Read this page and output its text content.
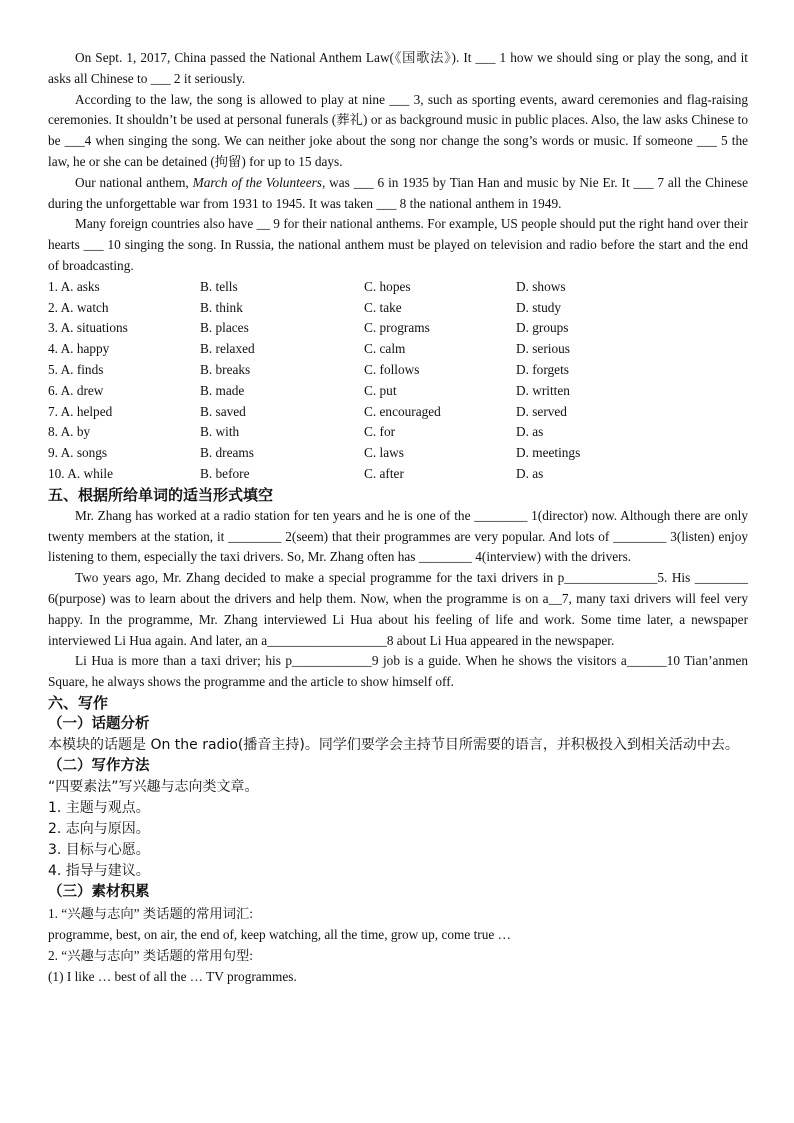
On Sept. 1, 2017, China passed the National Anthem Law(《国歌法》). It ___ 1 how we should sing or play the song, and it asks all Chinese to ___ 2 it seriously.

According to the law, the song is allowed to play at nine ___ 3, such as sporting events, award ceremonies and flag-raising ceremonies. It shouldn’t be used at personal funerals (葬礼) or as background music in public places. Also, the law asks Chinese to be ___4 when singing the song. We can neither joke about the song nor change the song’s words or music. If someone ___ 5 the law, he or she can be detained (拘留) for up to 15 days.

Our national anthem, March of the Volunteers, was ___ 6 in 1935 by Tian Han and music by Nie Er. It ___ 7 all the Chinese during the unforgettable war from 1931 to 1945. It was taken ___ 8 the national anthem in 1949.

Many foreign countries also have __ 9 for their national anthems. For example, US people should put the right hand over their hearts ___ 10 singing the song. In Russia, the national anthem must be played on television and radio before the start and the end of broadcasting.

1. A. asks	B. tells	C. hopes	D. shows
2. A. watch	B. think	C. take	D. study
3. A. situations	B. places	C. programs	D. groups
4. A. happy	B. relaxed	C. calm	D. serious
5. A. finds	B. breaks	C. follows	D. forgets
6. A. drew	B. made	C. put	D. written
7. A. helped	B. saved	C. encouraged	D. served
8. A. by	B. with	C. for	D. as
9. A. songs	B. dreams	C. laws	D. meetings
10. A. while	B. before	C. after	D. as
五、根据所给单词的适当形式填空

Mr. Zhang has worked at a radio station for ten years and he is one of the ________ 1(director) now. Although there are only twenty members at the station, it ________ 2(seem) that their programmes are very popular. And lots of ________ 3(listen) enjoy listening to them, especially the taxi drivers. So, Mr. Zhang often has ________ 4(interview) with the drivers.

Two years ago, Mr. Zhang decided to make a special programme for the taxi drivers in p______________5. His ________ 6(purpose) was to learn about the drivers and help them. Now, when the programme is on a__7, many taxi drivers will feel very happy. In the programme, Mr. Zhang interviewed Li Hua about his feeling of life and work. Some time later, a newspaper interviewed Li Hua again. And later, an a__________________8 about Li Hua appeared in the newspaper.

Li Hua is more than a taxi driver; his p____________9 job is a guide. When he shows the visitors a______10 Tian’anmen Square, he always shows the programme and the article to show himself off.

六、写作
（一）话题分析

本模块的话题是 On the radio(播音主持)。同学们要学会主持节目所需要的语言，并积极投入到相关活动中去。

（二）写作方法
“四要素法”写兴趣与志向类文章。
1. 主题与观点。
2. 志向与原因。
3. 目标与心愿。
4. 指导与建议。
（三）素材积累
1. “兴趣与志向” 类话题的常用词汇:
programme, best, on air, the end of, keep watching, all the time, grow up, come true …
2. “兴趣与志向” 类话题的常用句型:
(1) I like … best of all the … TV programmes.
